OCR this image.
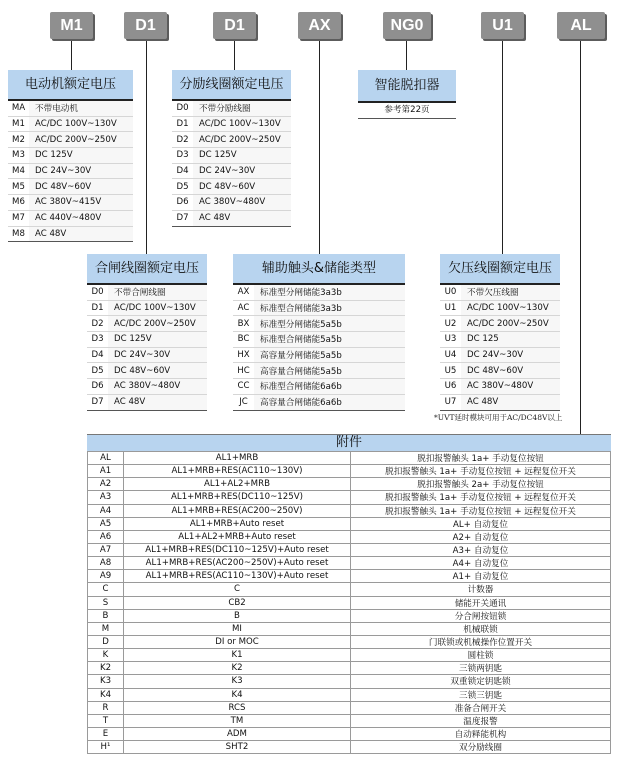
M1	D1	D1	AX	NG0	U1	AL
电动机额定电压
MA	不带电动机
M1	AC/DC 100V~130V
M2	AC/DC 200V~250V
M3	DC 125V
M4	DC 24V~30V
M5	DC 48V~60V
M6	AC 380V~415V
M7	AC 440V~480V
M8	AC 48V
分励线圈额定电压
D0	不带分励线圈
D1	AC/DC 100V~130V
D2	AC/DC 200V~250V
D3	DC 125V
D4	DC 24V~30V
D5	DC 48V~60V
D6	AC 380V~480V
D7	AC 48V
智能脱扣器
参考第22页
合闸线圈额定电压
D0	不带合闸线圈
D1	AC/DC 100V~130V
D2	AC/DC 200V~250V
D3	DC 125V
D4	DC 24V~30V
D5	DC 48V~60V
D6	AC 380V~480V
D7	AC 48V
辅助触头&储能类型
AX	标准型分闸储能3a3b
AC	标准型合闸储能3a3b
BX	标准型分闸储能5a5b
BC	标准型合闸储能5a5b
HX	高容量分闸储能5a5b
HC	高容量合闸储能5a5b
CC	标准型合闸储能6a6b
JC	高容量合闸储能6a6b
欠压线圈额定电压
U0	不带欠压线圈
U1	AC/DC 100V~130V
U2	AC/DC 200V~250V
U3	DC 125
U4	DC 24V~30V
U5	DC 48V~60V
U6	AC 380V~480V
U7	AC 48V
*UVT延时模块可用于AC/DC48V以上
附件
AL	AL1+MRB	脱扣报警触头 1a+ 手动复位按钮
A1	AL1+MRB+RES(AC110~130V)	脱扣报警触头 1a+ 手动复位按钮 + 远程复位开关
A2	AL1+AL2+MRB	脱扣报警触头 2a+ 手动复位按钮
A3	AL1+MRB+RES(DC110~125V)	脱扣报警触头 1a+ 手动复位按钮 + 远程复位开关
A4	AL1+MRB+RES(AC200~250V)	脱扣报警触头 1a+ 手动复位按钮 + 远程复位开关
A5	AL1+MRB+Auto reset	AL+ 自动复位
A6	AL1+AL2+MRB+Auto reset	A2+ 自动复位
A7	AL1+MRB+RES(DC110~125V)+Auto reset	A3+ 自动复位
A8	AL1+MRB+RES(AC200~250V)+Auto reset	A4+ 自动复位
A9	AL1+MRB+RES(AC110~130V)+Auto reset	A1+ 自动复位
C	C	计数器
S	CB2	储能开关通讯
B	B	分合闸按钮锁
M	MI	机械联锁
D	DI or MOC	门联锁或机械操作位置开关
K	K1	圆柱锁
K2	K2	三锁两钥匙
K3	K3	双重锁定钥匙锁
K4	K4	三锁三钥匙
R	RCS	准备合闸开关
T	TM	温度报警
E	ADM	自动释能机构
H¹	SHT2	双分励线圈
